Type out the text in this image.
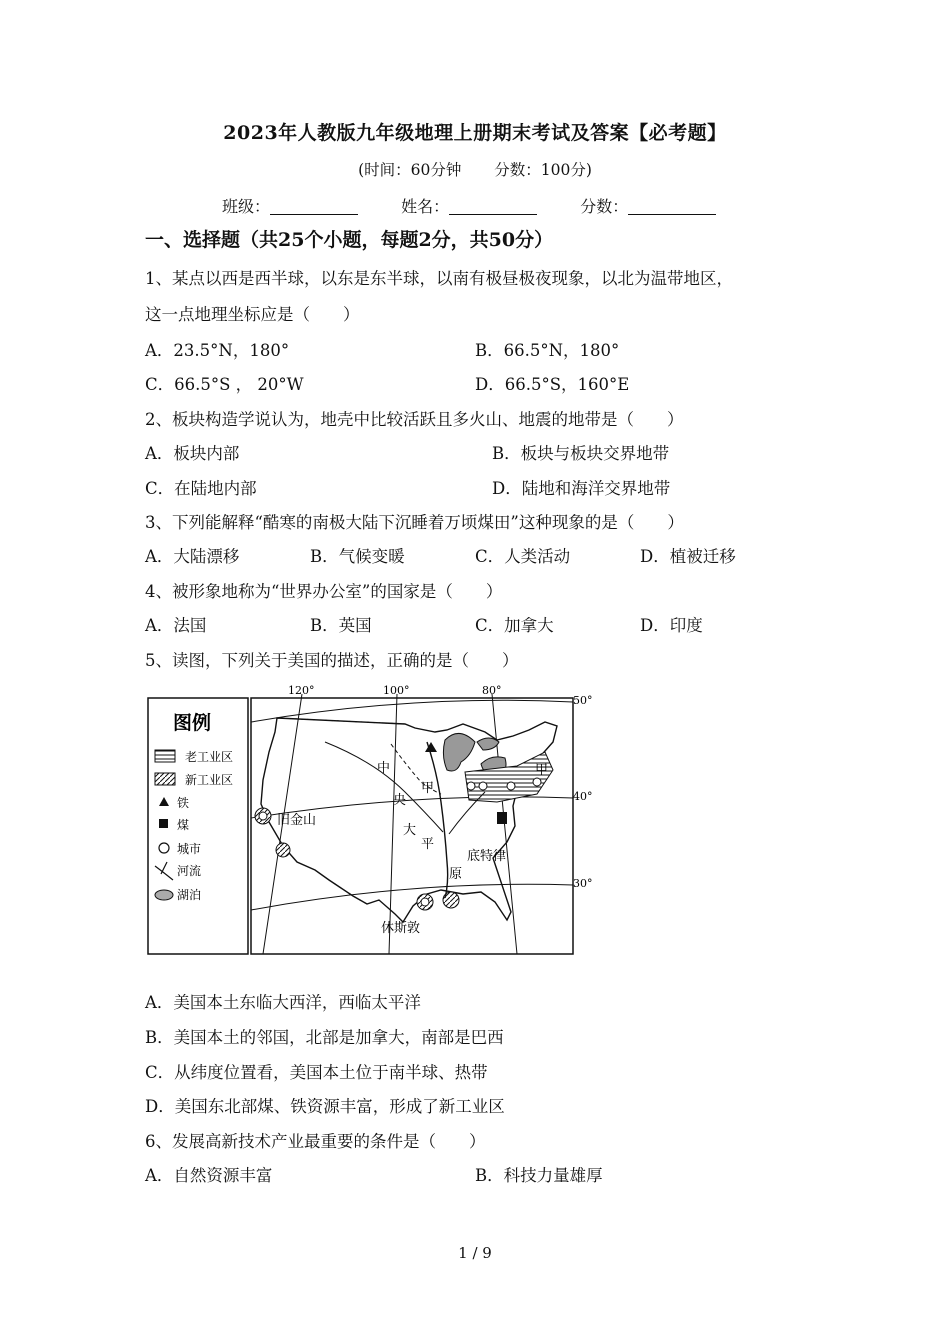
2023年人教版九年级地理上册期末考试及答案【必考题】
(时间：60分钟 分数：100分)
班级：	姓名：	分数：
一、选择题（共25个小题，每题2分，共50分）
1、某点以西是西半球，以东是东半球，以南有极昼极夜现象，以北为温带地区，
这一点地理坐标应是（　　）
A．23.5°N，180°	B．66.5°N，180°
C．66.5°S ， 20°W	D．66.5°S，160°E
2、板块构造学说认为，地壳中比较活跃且多火山、地震的地带是（　　）
A．板块内部	B．板块与板块交界地带
C．在陆地内部	D．陆地和海洋交界地带
3、下列能解释“酷寒的南极大陆下沉睡着万顷煤田”这种现象的是（　　）
A．大陆漂移	B．气候变暖	C．人类活动	D．植被迁移
4、被形象地称为“世界办公室”的国家是（　　）
A．法国	B．英国	C．加拿大	D．印度
5、读图，下列关于美国的描述，正确的是（　　）
图例
老工业区
新工业区
铁
煤
城市
河流
湖泊
120°	100°	80°
50°
40°
30°
旧金山
中
央
大
平
原
底特律
休斯敦
甲
甲
A．美国本土东临大西洋，西临太平洋
B．美国本土的邻国，北部是加拿大，南部是巴西
C．从纬度位置看，美国本土位于南半球、热带
D．美国东北部煤、铁资源丰富，形成了新工业区
6、发展高新技术产业最重要的条件是（　　）
A．自然资源丰富	B．科技力量雄厚
1 / 9
